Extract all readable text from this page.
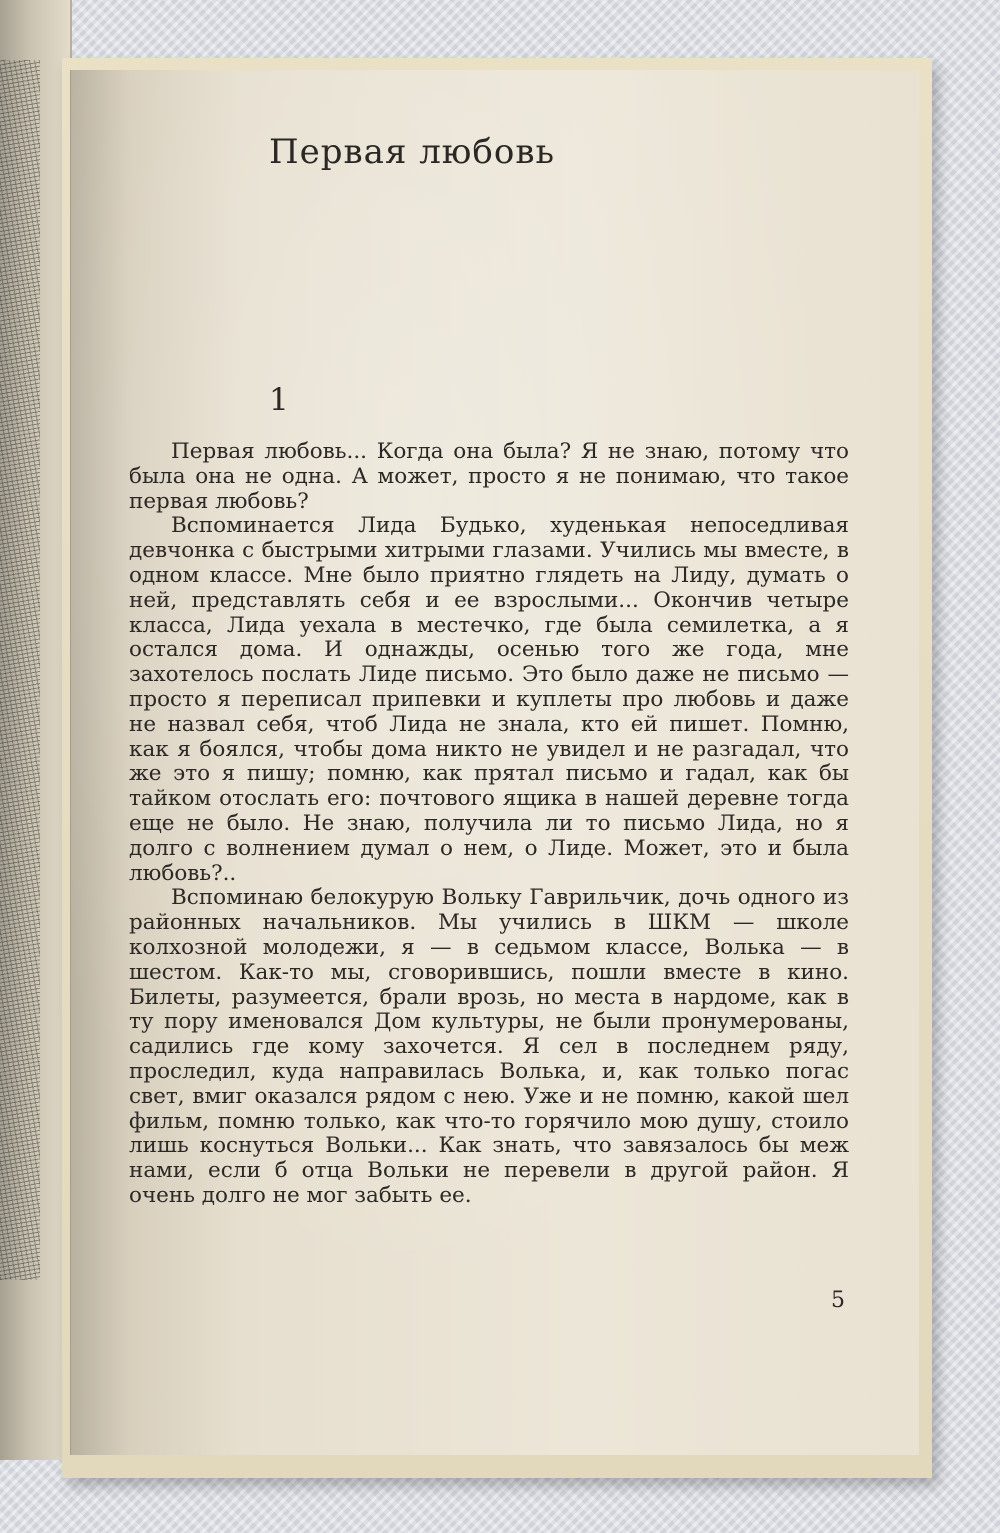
Первая любовь
1

Первая любовь... Когда она была? Я не знаю, потому что была она не одна. А может, просто я не понимаю, что такое первая любовь?

Вспоминается Лида Будько, худенькая непоседливая девчонка с быстрыми хитрыми глазами. Учились мы вместе, в одном классе. Мне было приятно глядеть на Лиду, думать о ней, представлять себя и ее взрослыми... Окончив четыре класса, Лида уехала в местечко, где была семилетка, а я остался дома. И однажды, осенью того же года, мне захотелось послать Лиде письмо. Это было даже не письмо — просто я переписал припевки и куплеты про любовь и даже не назвал себя, чтоб Лида не знала, кто ей пишет. Помню, как я боялся, чтобы дома никто не увидел и не разгадал, что же это я пишу; помню, как прятал письмо и гадал, как бы тайком отослать его: почтового ящика в нашей деревне тогда еще не было. Не знаю, получила ли то письмо Лида, но я долго с волнением думал о нем, о Лиде. Может, это и была любовь?..

Вспоминаю белокурую Вольку Гаврильчик, дочь одного из районных начальников. Мы учились в ШКМ — школе колхозной молодежи, я — в седьмом классе, Волька — в шестом. Как-то мы, сговорившись, пошли вместе в кино. Билеты, разумеется, брали врозь, но места в нардоме, как в ту пору именовался Дом культуры, не были пронумерованы, садились где кому захочется. Я сел в последнем ряду, проследил, куда направилась Волька, и, как только погас свет, вмиг оказался рядом с нею. Уже и не помню, какой шел фильм, помню только, как что-то горячило мою душу, стоило лишь коснуться Вольки... Как знать, что завязалось бы меж нами, если б отца Вольки не перевели в другой район. Я очень долго не мог забыть ее.

5
